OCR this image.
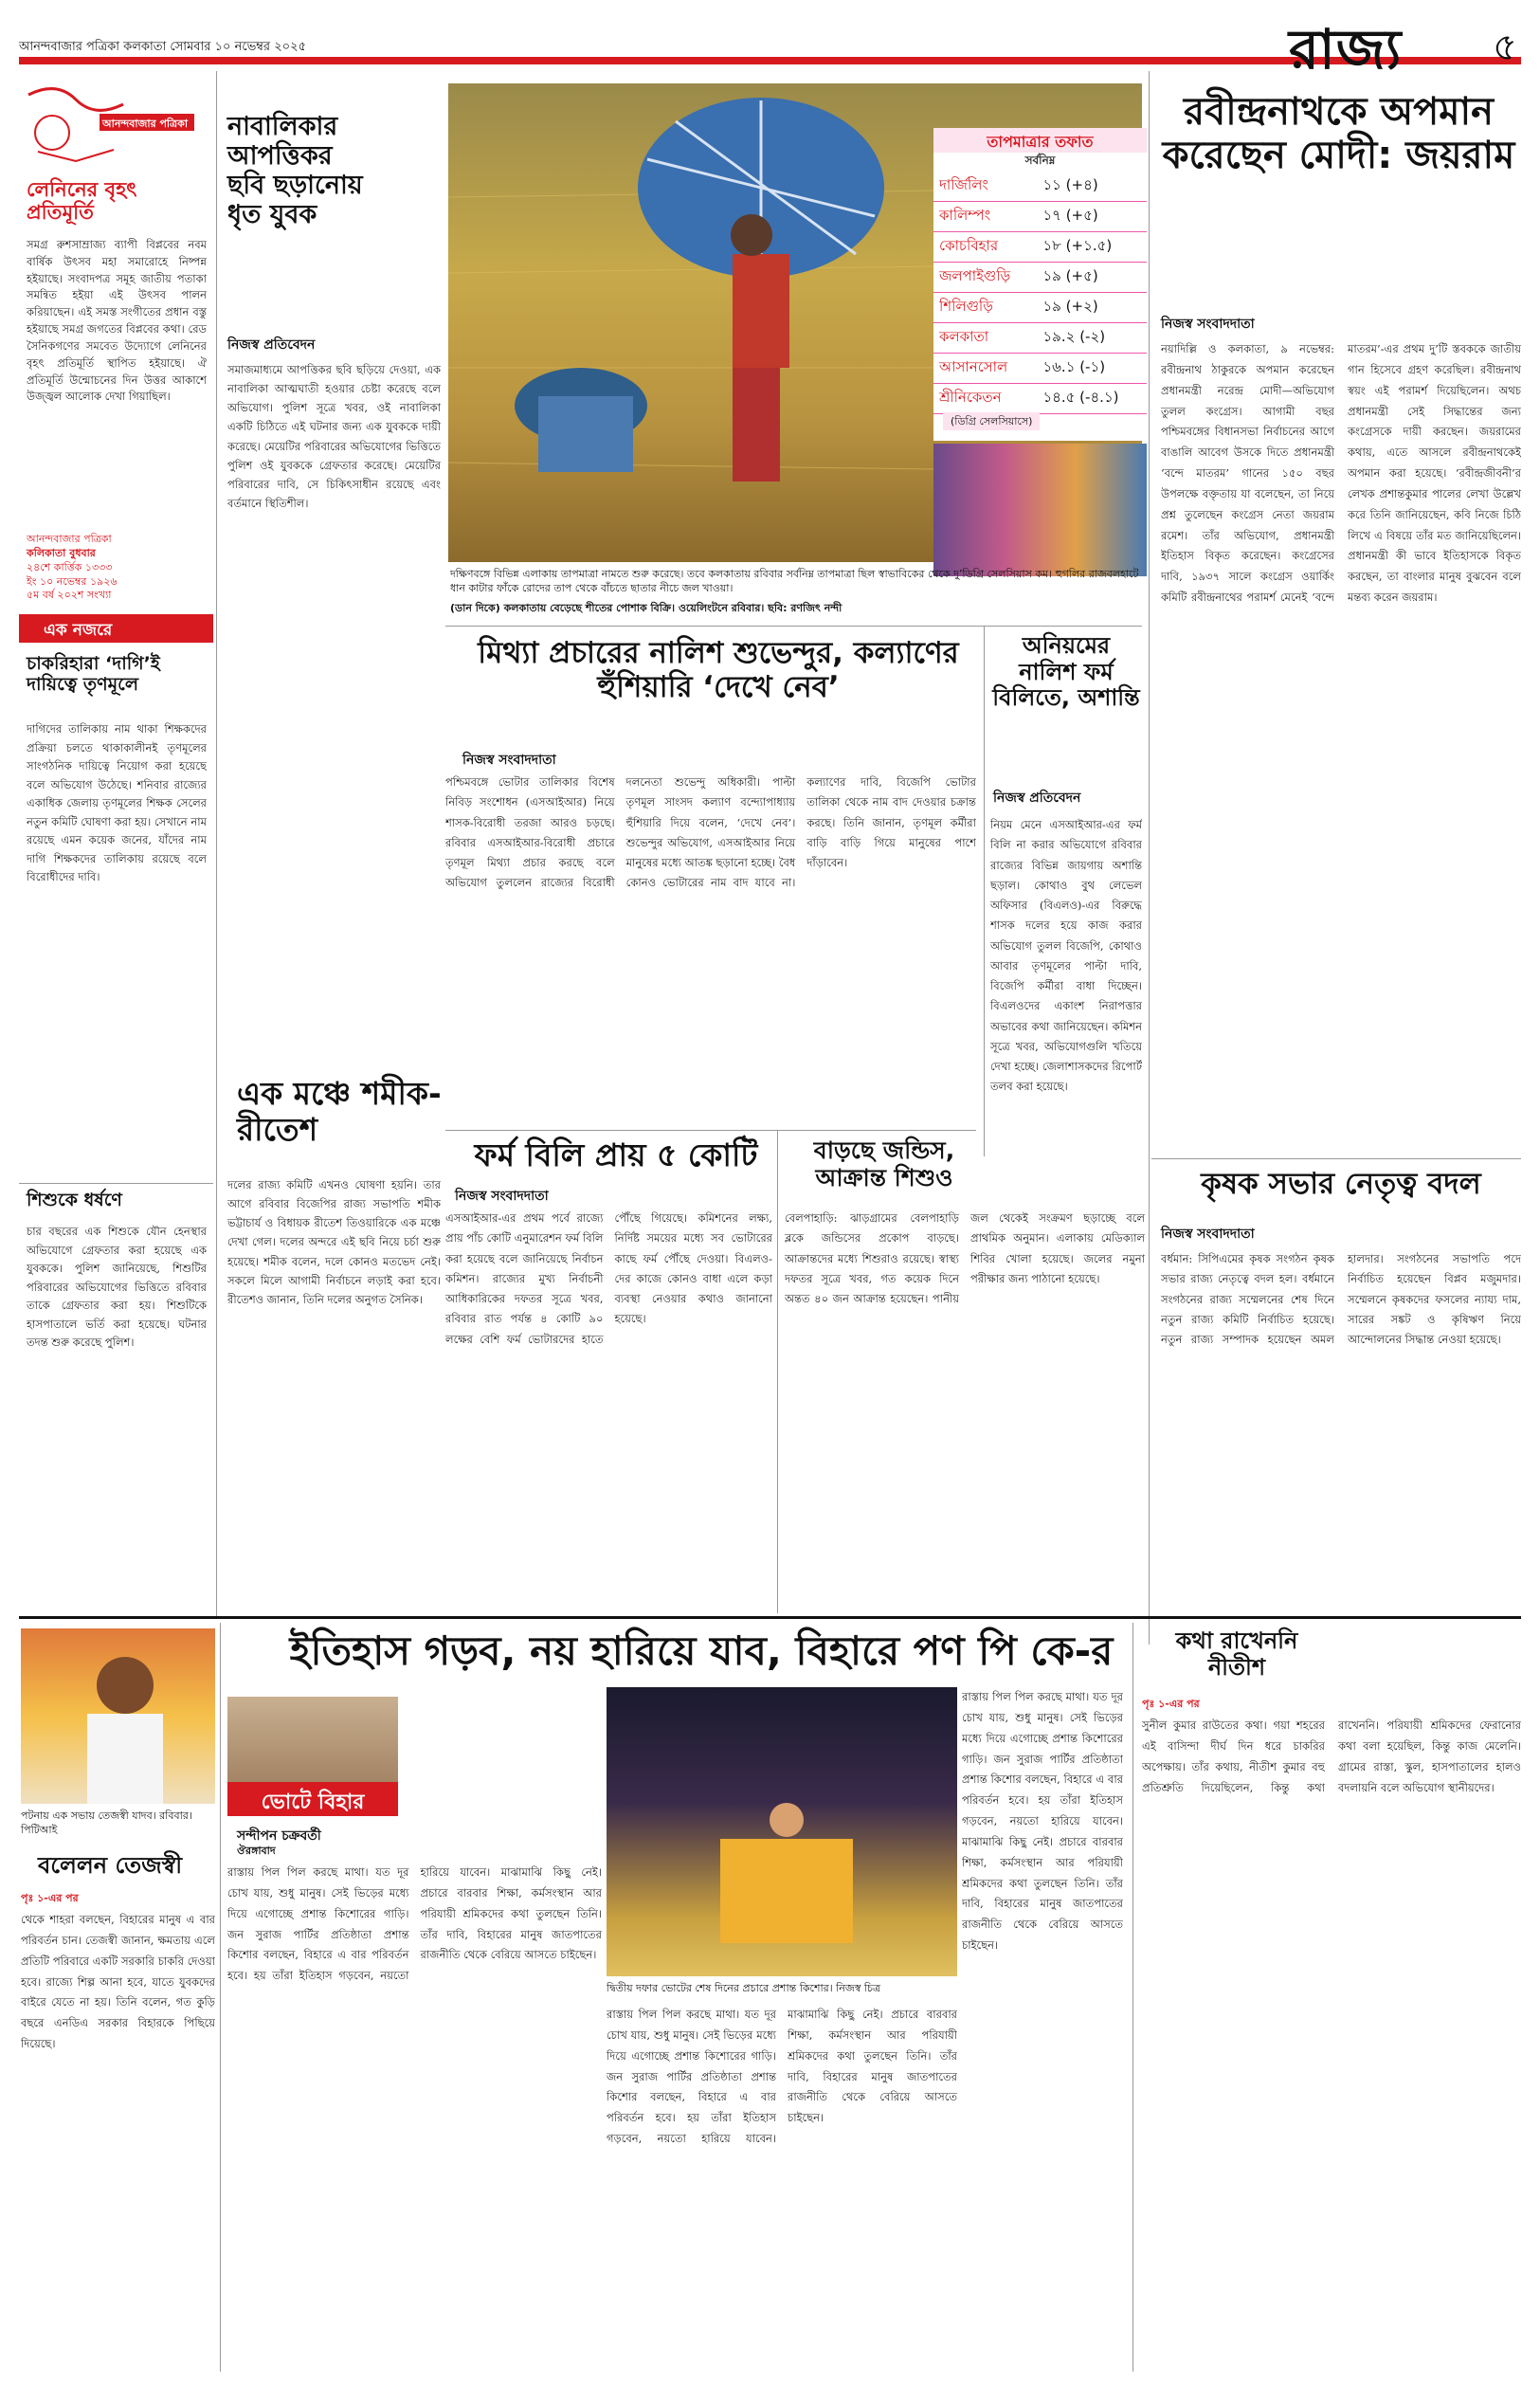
আনন্দবাজার পত্রিকা কলকাতা সোমবার ১০ নভেম্বর ২০২৫	রাজ্য ৫
আনন্দবাজার পত্রিকা
লেনিনের বৃহৎ প্রতিমূর্তি
সমগ্র রুশসাম্রাজ্য ব্যাপী বিপ্লবের নবম বার্ষিক উৎসব মহা সমারোহে নিষ্পন্ন হইয়াছে। সংবাদপত্র সমূহ জাতীয় পতাকা সমন্বিত হইয়া এই উৎসব পালন করিয়াছেন। এই সমস্ত সংগীতের প্রধান বস্তু হইয়াছে সমগ্র জগতের বিপ্লবের কথা। রেড সৈনিকগণের সমবেত উদ্যোগে লেনিনের বৃহৎ প্রতিমূর্তি স্থাপিত হইয়াছে। ঐ প্রতিমূর্তি উন্মোচনের দিন উত্তর আকাশে উজ্জ্বল আলোক দেখা গিয়াছিল।
আনন্দবাজার পত্রিকা
কলিকাতা বুধবার
২৪শে কার্ত্তিক ১৩৩৩
ইং ১০ নভেম্বর ১৯২৬
৫ম বর্ষ ২০২শ সংখ্যা
এক নজরে
চাকরিহারা ‘দাগি’ই দায়িত্বে তৃণমূলে
দাগিদের তালিকায় নাম থাকা শিক্ষকদের প্রক্রিয়া চলতে থাকাকালীনই তৃণমূলের সাংগঠনিক দায়িত্বে নিয়োগ করা হয়েছে বলে অভিযোগ উঠেছে। শনিবার রাজ্যের একাধিক জেলায় তৃণমূলের শিক্ষক সেলের নতুন কমিটি ঘোষণা করা হয়। সেখানে নাম রয়েছে এমন কয়েক জনের, যাঁদের নাম দাগি শিক্ষকদের তালিকায় রয়েছে বলে বিরোধীদের দাবি।
শিশুকে ধর্ষণে
চার বছরের এক শিশুকে যৌন হেনস্থার অভিযোগে গ্রেফতার করা হয়েছে এক যুবককে। পুলিশ জানিয়েছে, শিশুটির পরিবারের অভিযোগের ভিত্তিতে রবিবার তাকে গ্রেফতার করা হয়। শিশুটিকে হাসপাতালে ভর্তি করা হয়েছে। ঘটনার তদন্ত শুরু করেছে পুলিশ।
নাবালিকার আপত্তিকর ছবি ছড়ানোয় ধৃত যুবক
নিজস্ব প্রতিবেদন
সমাজমাধ্যমে আপত্তিকর ছবি ছড়িয়ে দেওয়া, এক নাবালিকা আত্মঘাতী হওয়ার চেষ্টা করেছে বলে অভিযোগ। পুলিশ সূত্রে খবর, ওই নাবালিকা একটি চিঠিতে এই ঘটনার জন্য এক যুবককে দায়ী করেছে। মেয়েটির পরিবারের অভিযোগের ভিত্তিতে পুলিশ ওই যুবককে গ্রেফতার করেছে। মেয়েটির পরিবারের দাবি, সে চিকিৎসাধীন রয়েছে এবং বর্তমানে স্থিতিশীল।
এক মঞ্চে শমীক-রীতেশ
দলের রাজ্য কমিটি এখনও ঘোষণা হয়নি। তার আগে রবিবার বিজেপির রাজ্য সভাপতি শমীক ভট্টাচার্য ও বিধায়ক রীতেশ তিওয়ারিকে এক মঞ্চে দেখা গেল। দলের অন্দরে এই ছবি নিয়ে চর্চা শুরু হয়েছে। শমীক বলেন, দলে কোনও মতভেদ নেই। সকলে মিলে আগামী নির্বাচনে লড়াই করা হবে। রীতেশও জানান, তিনি দলের অনুগত সৈনিক।
তাপমাত্রার তফাত
সর্বনিম্ন
দার্জিলিং	১১ (+৪)
কালিম্পং	১৭ (+৫)
কোচবিহার	১৮ (+১.৫)
জলপাইগুড়ি	১৯ (+৫)
শিলিগুড়ি	১৯ (+২)
কলকাতা	১৯.২ (-২)
আসানসোল	১৬.১ (-১)
শ্রীনিকেতন	১৪.৫ (-৪.১)
(ডিগ্রি সেলসিয়াসে)
দক্ষিণবঙ্গে বিভিন্ন এলাকায় তাপমাত্রা নামতে শুরু করেছে। তবে কলকাতায় রবিবার সর্বনিম্ন তাপমাত্রা ছিল স্বাভাবিকের থেকে দু’ডিগ্রি সেলসিয়াস কম। হুগলির রাজবলহাটে ধান কাটার ফাঁকে রোদের তাপ থেকে বাঁচতে ছাতার নীচে জল খাওয়া।
(ডান দিকে) কলকাতায় বেড়েছে শীতের পোশাক বিক্রি। ওয়েলিংটনে রবিবার। ছবি: রণজিৎ নন্দী
রবীন্দ্রনাথকে অপমান করেছেন মোদী: জয়রাম
নিজস্ব সংবাদদাতা
নয়াদিল্লি ও কলকাতা, ৯ নভেম্বর: রবীন্দ্রনাথ ঠাকুরকে অপমান করেছেন প্রধানমন্ত্রী নরেন্দ্র মোদী—অভিযোগ তুলল কংগ্রেস। আগামী বছর পশ্চিমবঙ্গের বিধানসভা নির্বাচনের আগে বাঙালি আবেগ উসকে দিতে প্রধানমন্ত্রী ‘বন্দে মাতরম’ গানের ১৫০ বছর উপলক্ষে বক্তৃতায় যা বলেছেন, তা নিয়ে প্রশ্ন তুলেছেন কংগ্রেস নেতা জয়রাম রমেশ। তাঁর অভিযোগ, প্রধানমন্ত্রী ইতিহাস বিকৃত করেছেন। কংগ্রেসের দাবি, ১৯৩৭ সালে কংগ্রেস ওয়ার্কিং কমিটি রবীন্দ্রনাথের পরামর্শ মেনেই ‘বন্দে মাতরম’-এর প্রথম দু’টি স্তবককে জাতীয় গান হিসেবে গ্রহণ করেছিল। রবীন্দ্রনাথ স্বয়ং এই পরামর্শ দিয়েছিলেন। অথচ প্রধানমন্ত্রী সেই সিদ্ধান্তের জন্য কংগ্রেসকে দায়ী করছেন। জয়রামের কথায়, এতে আসলে রবীন্দ্রনাথকেই অপমান করা হয়েছে। ‘রবীন্দ্রজীবনী’র লেখক প্রশান্তকুমার পালের লেখা উল্লেখ করে তিনি জানিয়েছেন, কবি নিজে চিঠি লিখে এ বিষয়ে তাঁর মত জানিয়েছিলেন। প্রধানমন্ত্রী কী ভাবে ইতিহাসকে বিকৃত করছেন, তা বাংলার মানুষ বুঝবেন বলে মন্তব্য করেন জয়রাম।
মিথ্যা প্রচারের নালিশ শুভেন্দুর, কল্যাণের হুঁশিয়ারি ‘দেখে নেব’
নিজস্ব সংবাদদাতা
পশ্চিমবঙ্গে ভোটার তালিকার বিশেষ নিবিড় সংশোধন (এসআইআর) নিয়ে শাসক-বিরোধী তরজা আরও চড়ছে। রবিবার এসআইআর-বিরোধী প্রচারে তৃণমূল মিথ্যা প্রচার করছে বলে অভিযোগ তুললেন রাজ্যের বিরোধী দলনেতা শুভেন্দু অধিকারী। পাল্টা তৃণমূল সাংসদ কল্যাণ বন্দ্যোপাধ্যায় হুঁশিয়ারি দিয়ে বলেন, ‘দেখে নেব’। শুভেন্দুর অভিযোগ, এসআইআর নিয়ে মানুষের মধ্যে আতঙ্ক ছড়ানো হচ্ছে। বৈধ কোনও ভোটারের নাম বাদ যাবে না। কল্যাণের দাবি, বিজেপি ভোটার তালিকা থেকে নাম বাদ দেওয়ার চক্রান্ত করছে। তিনি জানান, তৃণমূল কর্মীরা বাড়ি বাড়ি গিয়ে মানুষের পাশে দাঁড়াবেন।
অনিয়মের নালিশ ফর্ম বিলিতে, অশান্তি
নিজস্ব প্রতিবেদন
নিয়ম মেনে এসআইআর-এর ফর্ম বিলি না করার অভিযোগে রবিবার রাজ্যের বিভিন্ন জায়গায় অশান্তি ছড়াল। কোথাও বুথ লেভেল অফিসার (বিএলও)-এর বিরুদ্ধে শাসক দলের হয়ে কাজ করার অভিযোগ তুলল বিজেপি, কোথাও আবার তৃণমূলের পাল্টা দাবি, বিজেপি কর্মীরা বাধা দিচ্ছেন। বিএলওদের একাংশ নিরাপত্তার অভাবের কথা জানিয়েছেন। কমিশন সূত্রে খবর, অভিযোগগুলি খতিয়ে দেখা হচ্ছে। জেলাশাসকদের রিপোর্ট তলব করা হয়েছে।
ফর্ম বিলি প্রায় ৫ কোটি
নিজস্ব সংবাদদাতা
এসআইআর-এর প্রথম পর্বে রাজ্যে প্রায় পাঁচ কোটি এনুমারেশন ফর্ম বিলি করা হয়েছে বলে জানিয়েছে নির্বাচন কমিশন। রাজ্যের মুখ্য নির্বাচনী আধিকারিকের দফতর সূত্রে খবর, রবিবার রাত পর্যন্ত ৪ কোটি ৯০ লক্ষের বেশি ফর্ম ভোটারদের হাতে পৌঁছে গিয়েছে। কমিশনের লক্ষ্য, নির্দিষ্ট সময়ের মধ্যে সব ভোটারের কাছে ফর্ম পৌঁছে দেওয়া। বিএলও-দের কাজে কোনও বাধা এলে কড়া ব্যবস্থা নেওয়ার কথাও জানানো হয়েছে।
বাড়ছে জন্ডিস, আক্রান্ত শিশুও
বেলপাহাড়ি: ঝাড়গ্রামের বেলপাহাড়ি ব্লকে জন্ডিসের প্রকোপ বাড়ছে। আক্রান্তদের মধ্যে শিশুরাও রয়েছে। স্বাস্থ্য দফতর সূত্রে খবর, গত কয়েক দিনে অন্তত ৪০ জন আক্রান্ত হয়েছেন। পানীয় জল থেকেই সংক্রমণ ছড়াচ্ছে বলে প্রাথমিক অনুমান। এলাকায় মেডিক্যাল শিবির খোলা হয়েছে। জলের নমুনা পরীক্ষার জন্য পাঠানো হয়েছে।
কৃষক সভার নেতৃত্ব বদল
নিজস্ব সংবাদদাতা
বর্ধমান: সিপিএমের কৃষক সংগঠন কৃষক সভার রাজ্য নেতৃত্বে বদল হল। বর্ধমানে সংগঠনের রাজ্য সম্মেলনের শেষ দিনে নতুন রাজ্য কমিটি নির্বাচিত হয়েছে। নতুন রাজ্য সম্পাদক হয়েছেন অমল হালদার। সংগঠনের সভাপতি পদে নির্বাচিত হয়েছেন বিপ্লব মজুমদার। সম্মেলনে কৃষকদের ফসলের ন্যায্য দাম, সারের সঙ্কট ও কৃষিঋণ নিয়ে আন্দোলনের সিদ্ধান্ত নেওয়া হয়েছে।
পটনায় এক সভায় তেজস্বী যাদব। রবিবার। পিটিআই
বলেলন তেজস্বী
পৃঃ ১-এর পর
থেকে শাহরা বলছেন, বিহারের মানুষ এ বার পরিবর্তন চান। তেজস্বী জানান, ক্ষমতায় এলে প্রতিটি পরিবারে একটি সরকারি চাকরি দেওয়া হবে। রাজ্যে শিল্প আনা হবে, যাতে যুবকদের বাইরে যেতে না হয়। তিনি বলেন, গত কুড়ি বছরে এনডিএ সরকার বিহারকে পিছিয়ে দিয়েছে।
ইতিহাস গড়ব, নয় হারিয়ে যাব, বিহারে পণ পি কে-র
ভোটে বিহার
সন্দীপন চক্রবর্তী
ঔরঙ্গাবাদ
দ্বিতীয় দফার ভোটের শেষ দিনের প্রচারে প্রশান্ত কিশোর। নিজস্ব চিত্র
রাস্তায় পিল পিল করছে মাথা। যত দূর চোখ যায়, শুধু মানুষ। সেই ভিড়ের মধ্যে দিয়ে এগোচ্ছে প্রশান্ত কিশোরের গাড়ি। জন সুরাজ পার্টির প্রতিষ্ঠাতা প্রশান্ত কিশোর বলছেন, বিহারে এ বার পরিবর্তন হবে। হয় তাঁরা ইতিহাস গড়বেন, নয়তো হারিয়ে যাবেন। মাঝামাঝি কিছু নেই। প্রচারে বারবার শিক্ষা, কর্মসংস্থান আর পরিযায়ী শ্রমিকদের কথা তুলছেন তিনি। তাঁর দাবি, বিহারের মানুষ জাতপাতের রাজনীতি থেকে বেরিয়ে আসতে চাইছেন।
রাস্তায় পিল পিল করছে মাথা। যত দূর চোখ যায়, শুধু মানুষ। সেই ভিড়ের মধ্যে দিয়ে এগোচ্ছে প্রশান্ত কিশোরের গাড়ি। জন সুরাজ পার্টির প্রতিষ্ঠাতা প্রশান্ত কিশোর বলছেন, বিহারে এ বার পরিবর্তন হবে। হয় তাঁরা ইতিহাস গড়বেন, নয়তো হারিয়ে যাবেন। মাঝামাঝি কিছু নেই। প্রচারে বারবার শিক্ষা, কর্মসংস্থান আর পরিযায়ী শ্রমিকদের কথা তুলছেন তিনি। তাঁর দাবি, বিহারের মানুষ জাতপাতের রাজনীতি থেকে বেরিয়ে আসতে চাইছেন।
রাস্তায় পিল পিল করছে মাথা। যত দূর চোখ যায়, শুধু মানুষ। সেই ভিড়ের মধ্যে দিয়ে এগোচ্ছে প্রশান্ত কিশোরের গাড়ি। জন সুরাজ পার্টির প্রতিষ্ঠাতা প্রশান্ত কিশোর বলছেন, বিহারে এ বার পরিবর্তন হবে। হয় তাঁরা ইতিহাস গড়বেন, নয়তো হারিয়ে যাবেন। মাঝামাঝি কিছু নেই। প্রচারে বারবার শিক্ষা, কর্মসংস্থান আর পরিযায়ী শ্রমিকদের কথা তুলছেন তিনি। তাঁর দাবি, বিহারের মানুষ জাতপাতের রাজনীতি থেকে বেরিয়ে আসতে চাইছেন।
কথা রাখেননি নীতীশ
পৃঃ ১-এর পর
সুনীল কুমার রাউতের কথা। গয়া শহরের এই বাসিন্দা দীর্ঘ দিন ধরে চাকরির অপেক্ষায়। তাঁর কথায়, নীতীশ কুমার বহু প্রতিশ্রুতি দিয়েছিলেন, কিন্তু কথা রাখেননি। পরিযায়ী শ্রমিকদের ফেরানোর কথা বলা হয়েছিল, কিন্তু কাজ মেলেনি। গ্রামের রাস্তা, স্কুল, হাসপাতালের হালও বদলায়নি বলে অভিযোগ স্থানীয়দের।
